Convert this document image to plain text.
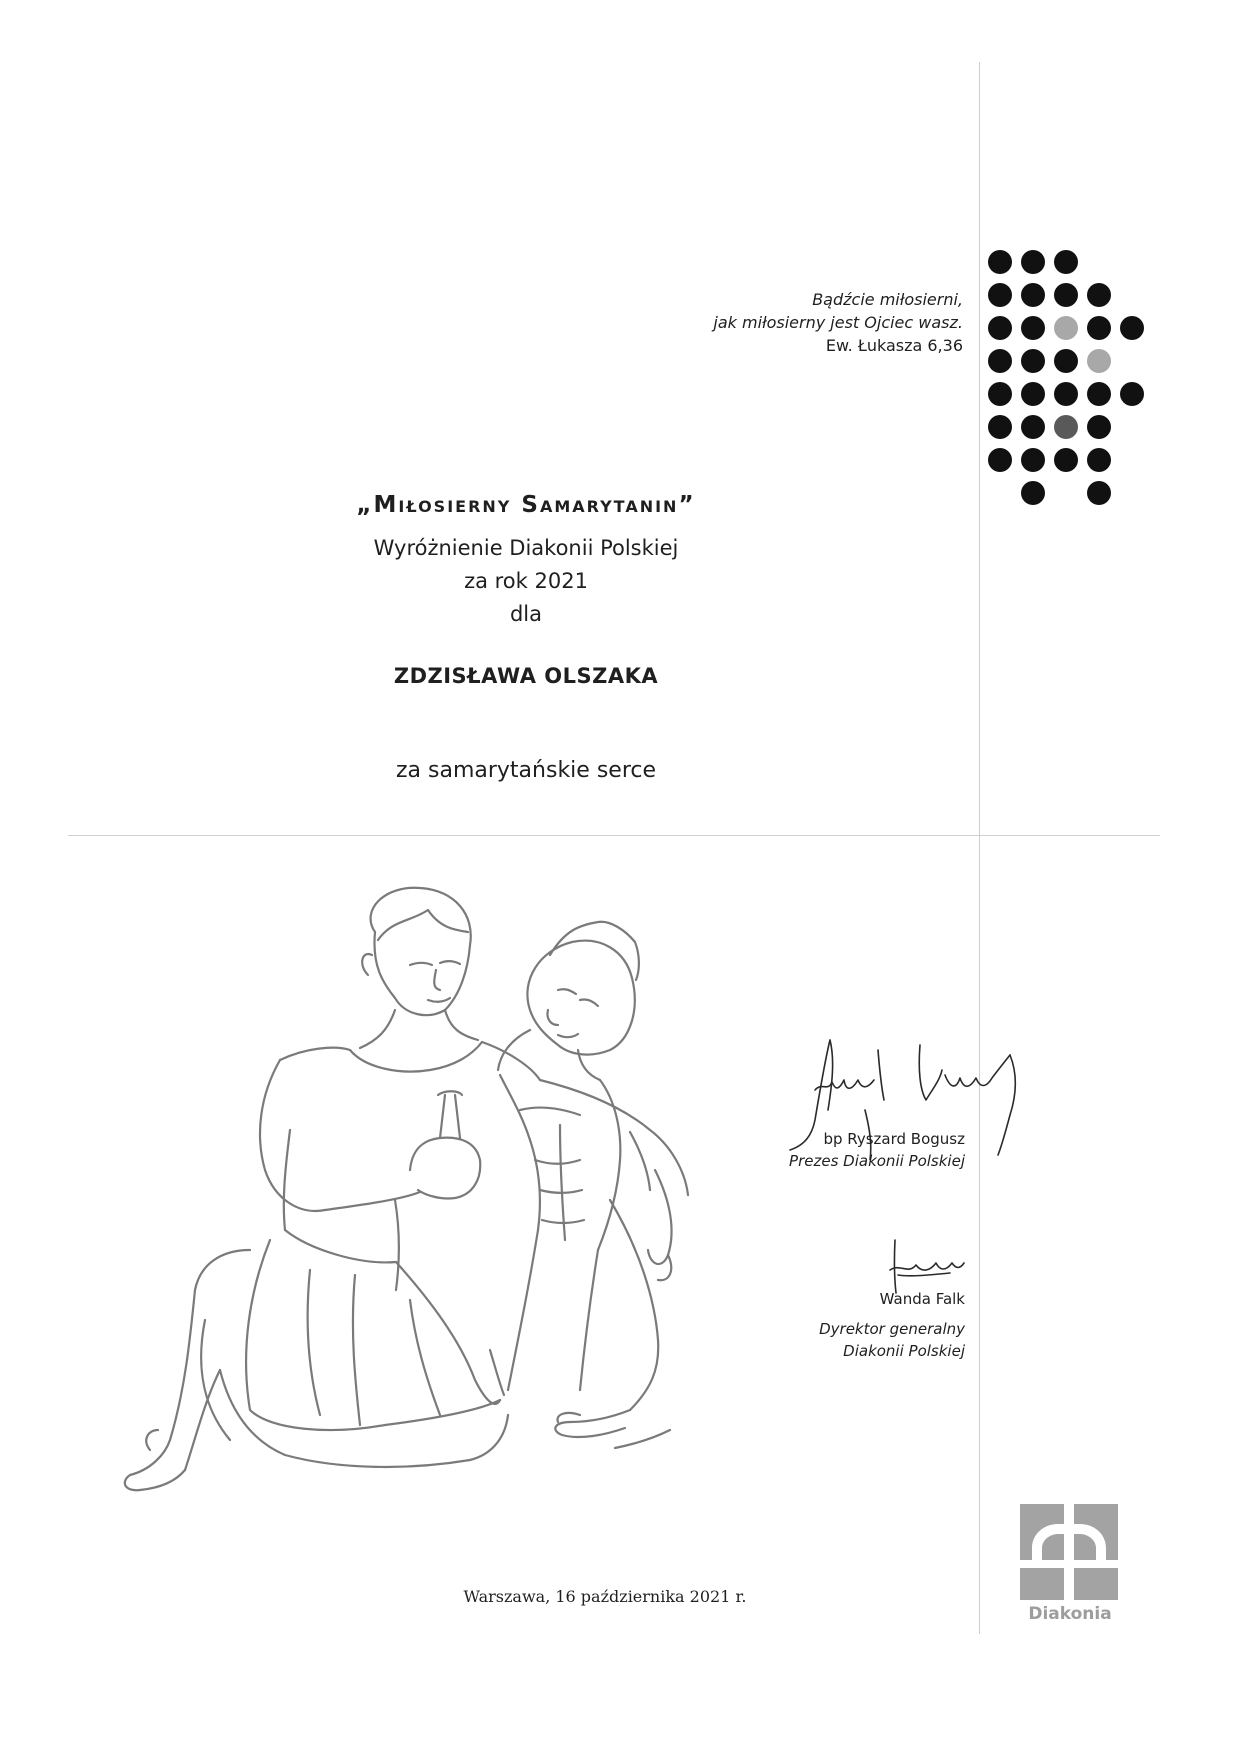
Bądźcie miłosierni,
jak miłosierny jest Ojciec wasz.
Ew. Łukasza 6,36
„Miłosierny Samarytanin”
Wyróżnienie Diakonii Polskiej
za rok 2021
dla
ZDZISŁAWA OLSZAKA
za samarytańskie serce
bp Ryszard Bogusz
Prezes Diakonii Polskiej
Wanda Falk
Dyrektor generalny
Diakonii Polskiej
Warszawa, 16 października 2021 r.
Diakonia
